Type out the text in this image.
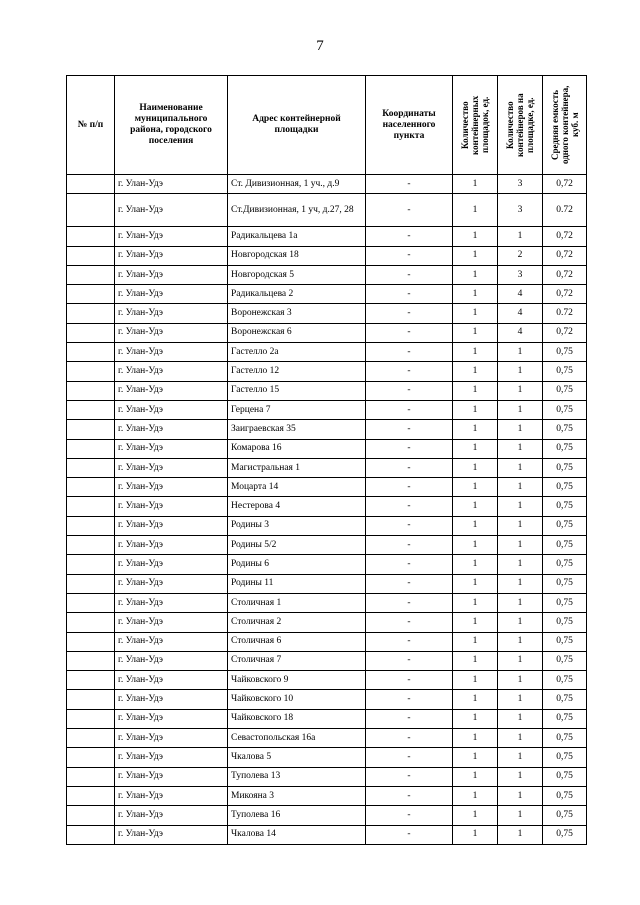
7
№ п/п	Наименование муниципального района, городского поселения	Адрес контейнерной площадки	Координаты населенного пункта	Количество контейнерных площадок, ед.	Количество контейнеров на площадке, ед.	Средняя емкость одного контейнера, куб. м

	г. Улан-Удэ	Ст. Дивизионная, 1 уч., д.9	-	1	3	0,72
	г. Улан-Удэ	Ст.Дивизионная, 1 уч, д.27, 28	-	1	3	0.72
	г. Улан-Удэ	Радикальцева 1а	-	1	1	0,72
	г. Улан-Удэ	Новгородская 18	-	1	2	0,72
	г. Улан-Удэ	Новгородская 5	-	1	3	0,72
	г. Улан-Удэ	Радикальцева 2	-	1	4	0,72
	г. Улан-Удэ	Воронежская 3	-	1	4	0.72
	г. Улан-Удэ	Воронежская 6	-	1	4	0,72
	г. Улан-Удэ	Гастелло 2а	-	1	1	0,75
	г. Улан-Удэ	Гастелло 12	-	1	1	0,75
	г. Улан-Удэ	Гастелло 15	-	1	1	0,75
	г. Улан-Удэ	Герцена 7	-	1	1	0,75
	г. Улан-Удэ	Заиграевская 35	-	1	1	0,75
	г. Улан-Удэ	Комарова 16	-	1	1	0,75
	г. Улан-Удэ	Магистральная 1	-	1	1	0,75
	г. Улан-Удэ	Моцарта 14	-	1	1	0,75
	г. Улан-Удэ	Нестерова 4	-	1	1	0,75
	г. Улан-Удэ	Родины 3	-	1	1	0,75
	г. Улан-Удэ	Родины 5/2	-	1	1	0,75
	г. Улан-Удэ	Родины 6	-	1	1	0,75
	г. Улан-Удэ	Родины 11	-	1	1	0,75
	г. Улан-Удэ	Столичная 1	-	1	1	0,75
	г. Улан-Удэ	Столичная 2	-	1	1	0,75
	г. Улан-Удэ	Столичная 6	-	1	1	0,75
	г. Улан-Удэ	Столичная 7	-	1	1	0,75
	г. Улан-Удэ	Чайковского 9	-	1	1	0,75
	г. Улан-Удэ	Чайковского 10	-	1	1	0,75
	г. Улан-Удэ	Чайковского 18	-	1	1	0,75
	г. Улан-Удэ	Севастопольская 16а	-	1	1	0,75
	г. Улан-Удэ	Чкалова 5	-	1	1	0,75
	г. Улан-Удэ	Туполева 13	-	1	1	0,75
	г. Улан-Удэ	Микояна 3	-	1	1	0,75
	г. Улан-Удэ	Туполева 16	-	1	1	0,75
	г. Улан-Удэ	Чкалова 14	-	1	1	0,75
